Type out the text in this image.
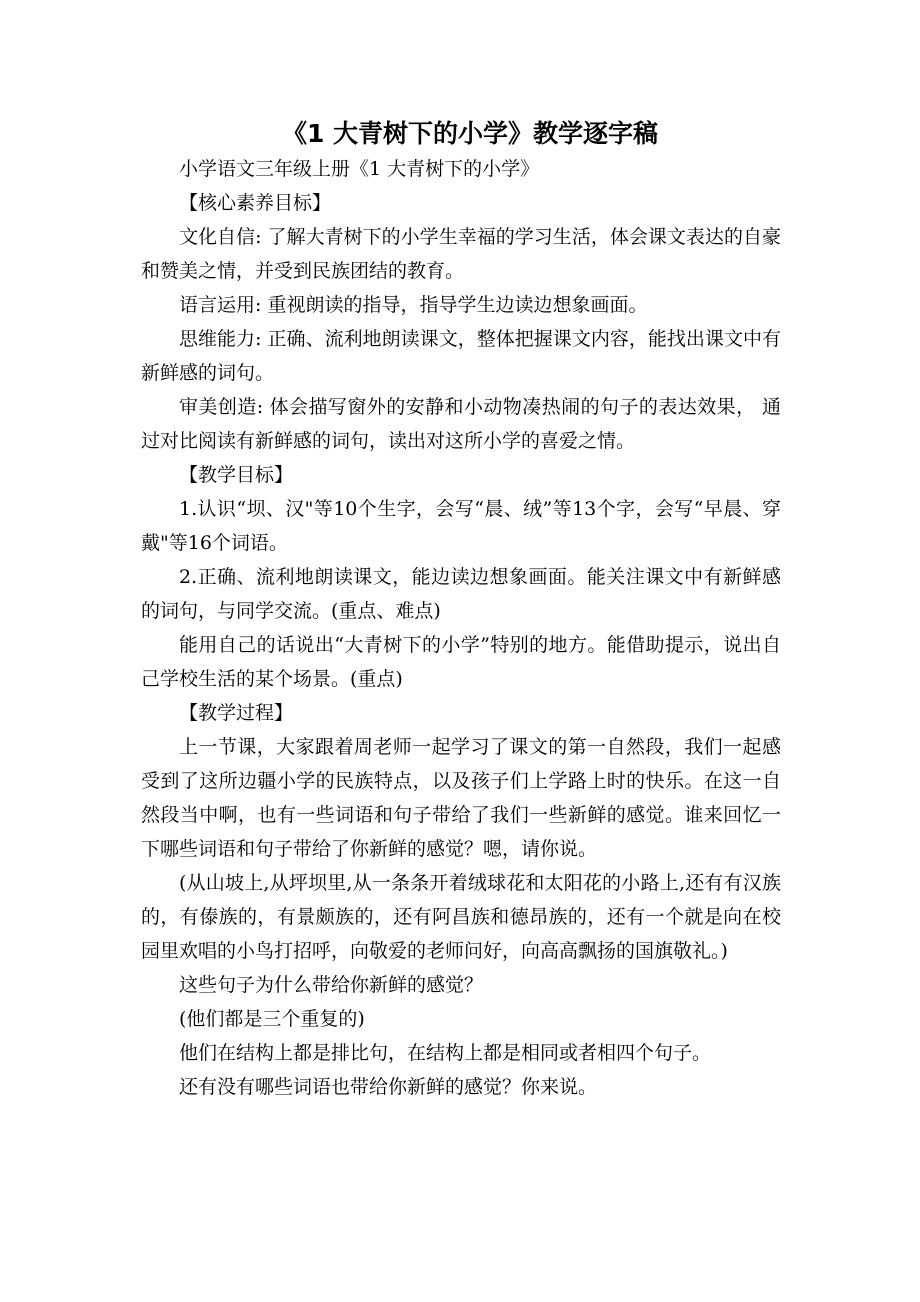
《1 大青树下的小学》教学逐字稿

小学语文三年级上册《1 大青树下的小学》

【核心素养目标】

文化自信: 了解大青树下的小学生幸福的学习生活，体会课文表达的自豪和赞美之情，并受到民族团结的教育。

语言运用: 重视朗读的指导，指导学生边读边想象画面。

思维能力: 正确、流利地朗读课文，整体把握课文内容，能找出课文中有新鲜感的词句。

审美创造: 体会描写窗外的安静和小动物凑热闹的句子的表达效果， 通过对比阅读有新鲜感的词句，读出对这所小学的喜爱之情。

【教学目标】

1.认识“坝、汉"等10个生字，会写“晨、绒”等13个字，会写“早晨、穿戴"等16个词语。

2.正确、流利地朗读课文，能边读边想象画面。能关注课文中有新鲜感的词句，与同学交流。(重点、难点)

能用自己的话说出“大青树下的小学”特别的地方。能借助提示，说出自己学校生活的某个场景。(重点)

【教学过程】

上一节课，大家跟着周老师一起学习了课文的第一自然段，我们一起感受到了这所边疆小学的民族特点，以及孩子们上学路上时的快乐。在这一自然段当中啊，也有一些词语和句子带给了我们一些新鲜的感觉。谁来回忆一下哪些词语和句子带给了你新鲜的感觉？嗯，请你说。

(从山坡上,从坪坝里,从一条条开着绒球花和太阳花的小路上,还有有汉族的，有傣族的，有景颇族的，还有阿昌族和德昂族的，还有一个就是向在校园里欢唱的小鸟打招呼，向敬爱的老师问好，向高高飘扬的国旗敬礼。)

这些句子为什么带给你新鲜的感觉？

(他们都是三个重复的)

他们在结构上都是排比句，在结构上都是相同或者相四个句子。

还有没有哪些词语也带给你新鲜的感觉？你来说。
